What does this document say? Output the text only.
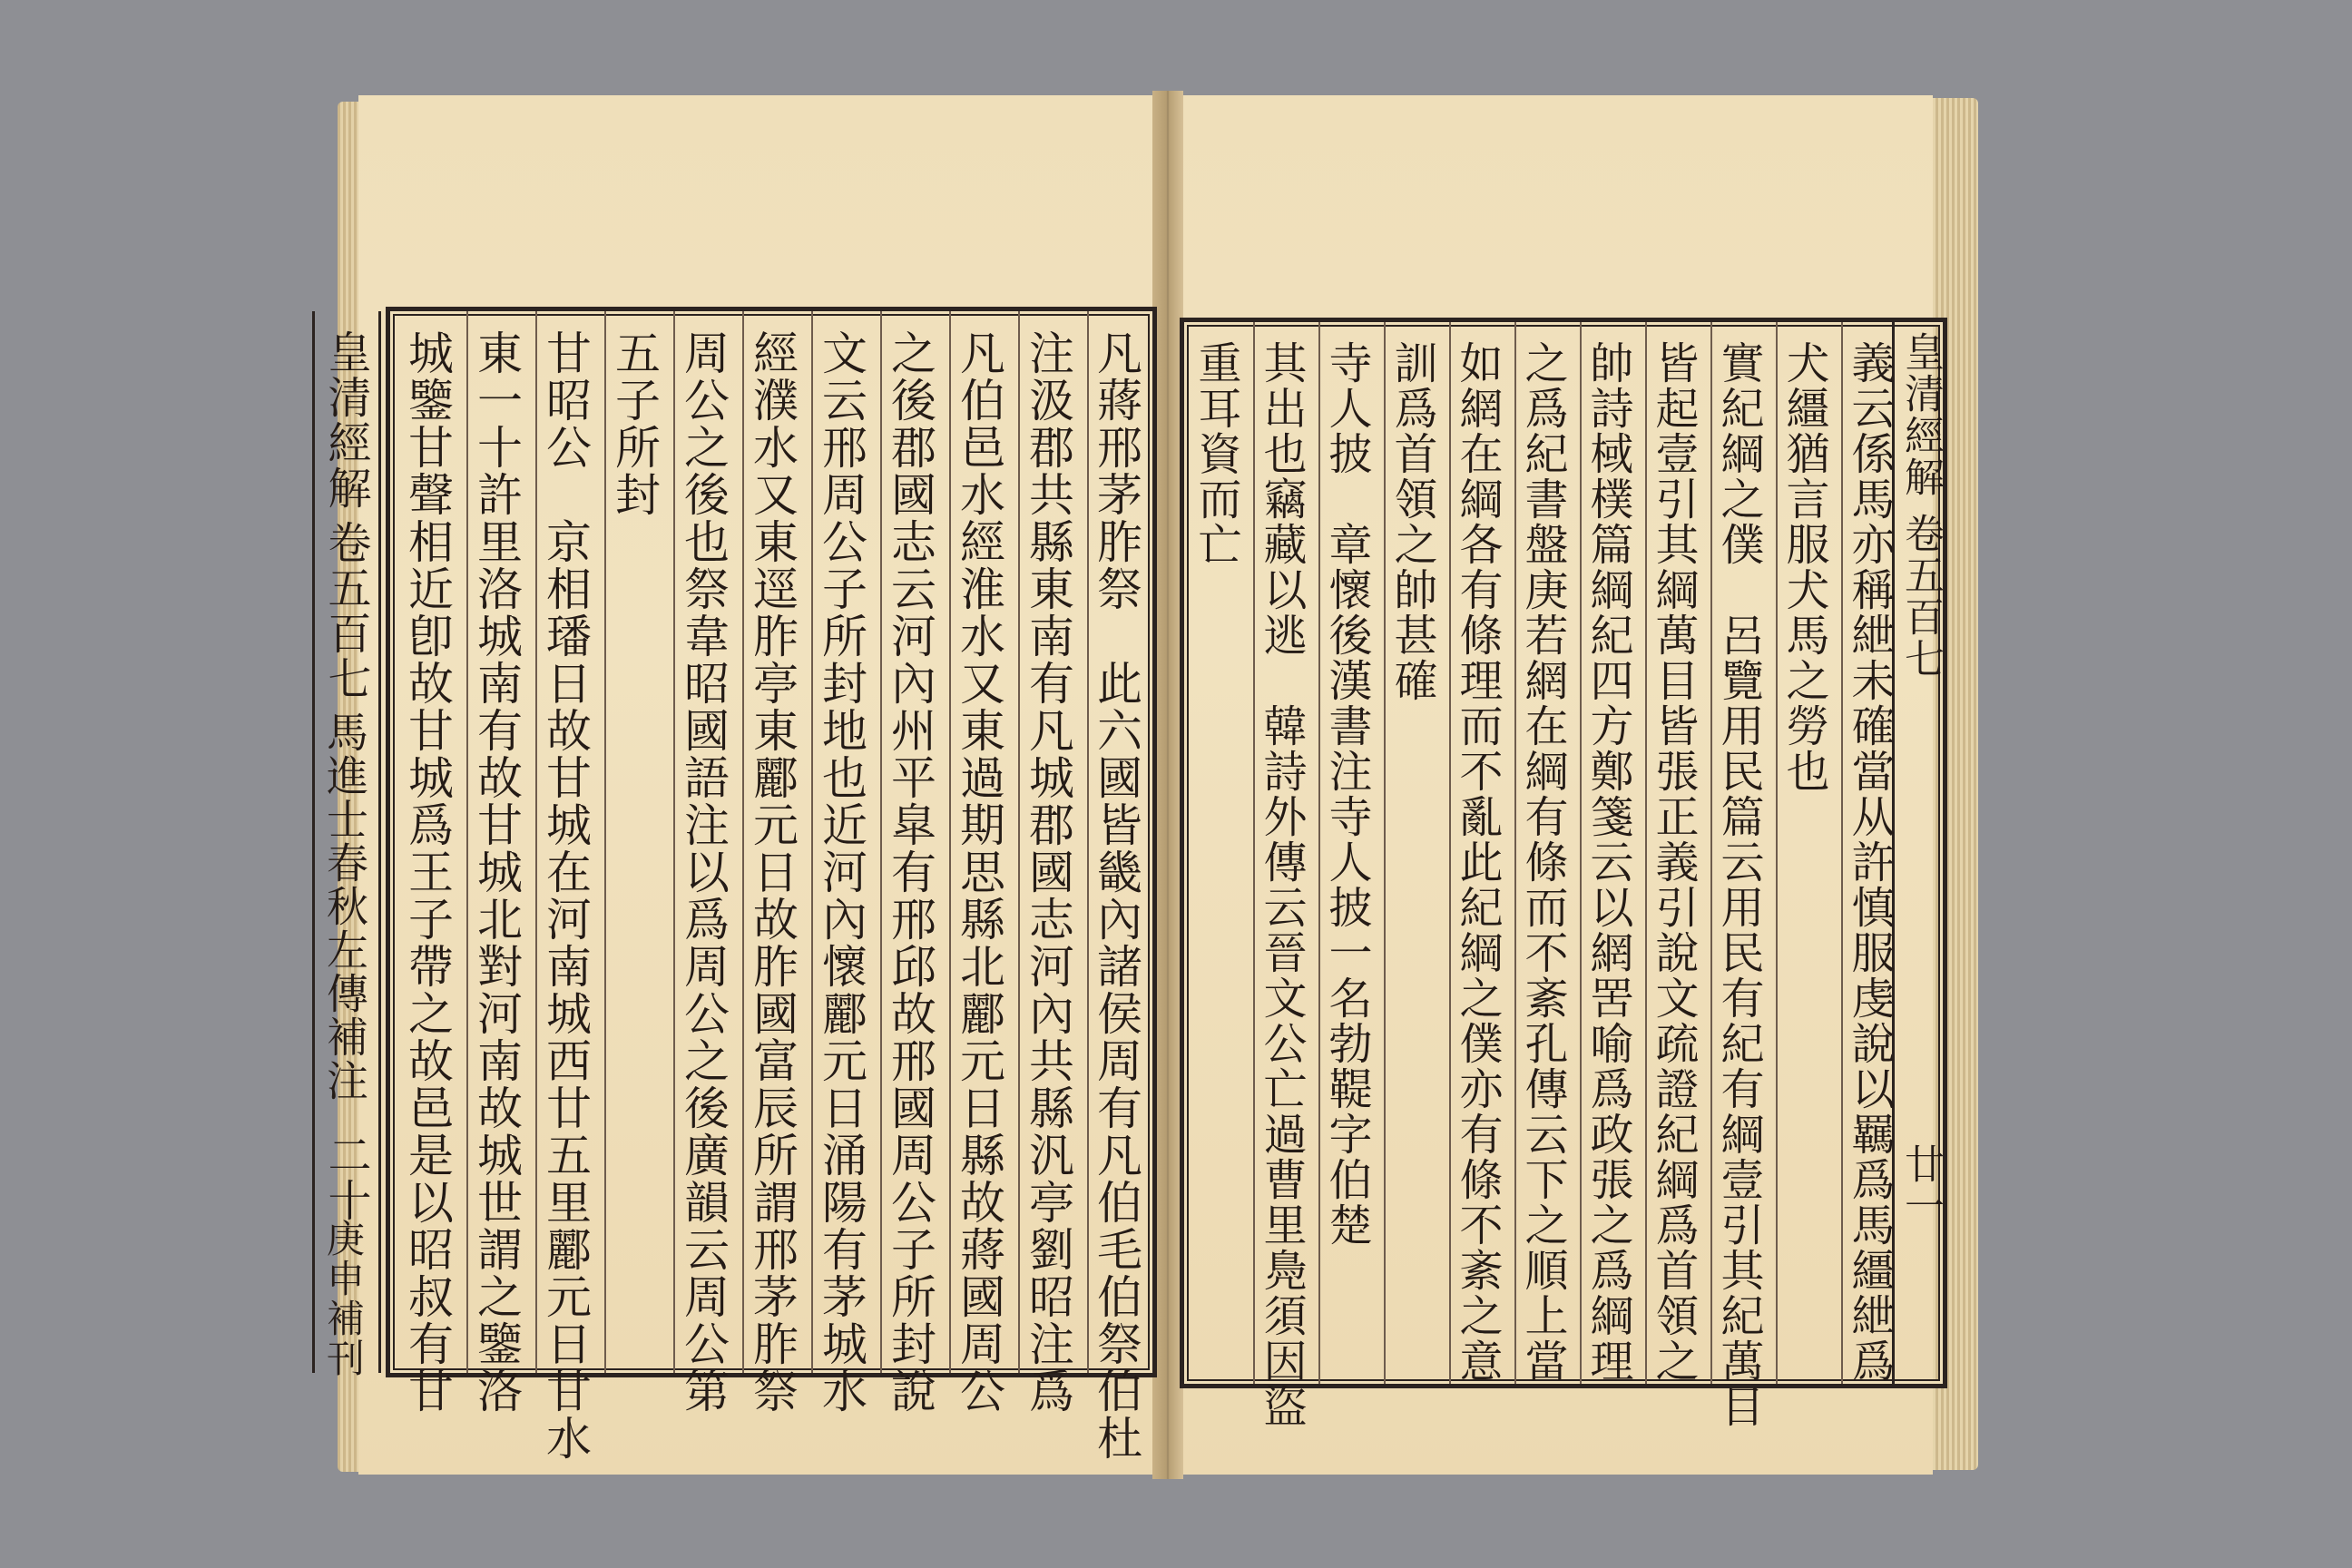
皇清經解
卷五百七
馬進士春秋左傳補注
二十
庚申補刊	凡蔣邢茅胙祭　此六國皆畿內諸侯周有凡伯毛伯祭伯杜
注汲郡共縣東南有凡城郡國志河內共縣汎亭劉昭注爲
凡伯邑水經淮水又東過期思縣北酈元日縣故蔣國周公
之後郡國志云河內州平皐有邢邱故邢國周公子所封說
文云邢周公子所封地也近河內懷酈元日涌陽有茅城水
經濮水又東逕胙亭東酈元日故胙國富辰所謂邢茅胙祭
周公之後也祭韋昭國語注以爲周公之後廣韻云周公第
五子所封
甘昭公　京相璠日故甘城在河南城西廿五里酈元日甘水
東一十許里洛城南有故甘城北對河南故城世謂之鑒洛
城鑒甘聲相近卽故甘城爲王子帶之故邑是以昭叔有甘	皇清經解
卷五百七
廿一
義云係馬亦稱紲未確當从許慎服虔說以羈爲馬繮紲爲
犬繮猶言服犬馬之勞也
實紀綱之僕　呂覽用民篇云用民有紀有綱壹引其紀萬目
皆起壹引其綱萬目皆張正義引說文疏證紀綱爲首領之
帥詩棫樸篇綱紀四方鄭箋云以網罟喻爲政張之爲綱理
之爲紀書盤庚若網在綱有條而不紊孔傳云下之順上當
如網在綱各有條理而不亂此紀綱之僕亦有條不紊之意
訓爲首領之帥甚確
寺人披　章懷後漢書注寺人披一名勃鞮字伯楚
其出也竊藏以逃　韓詩外傳云晉文公亡過曹里鳧須因盜
重耳資而亡
